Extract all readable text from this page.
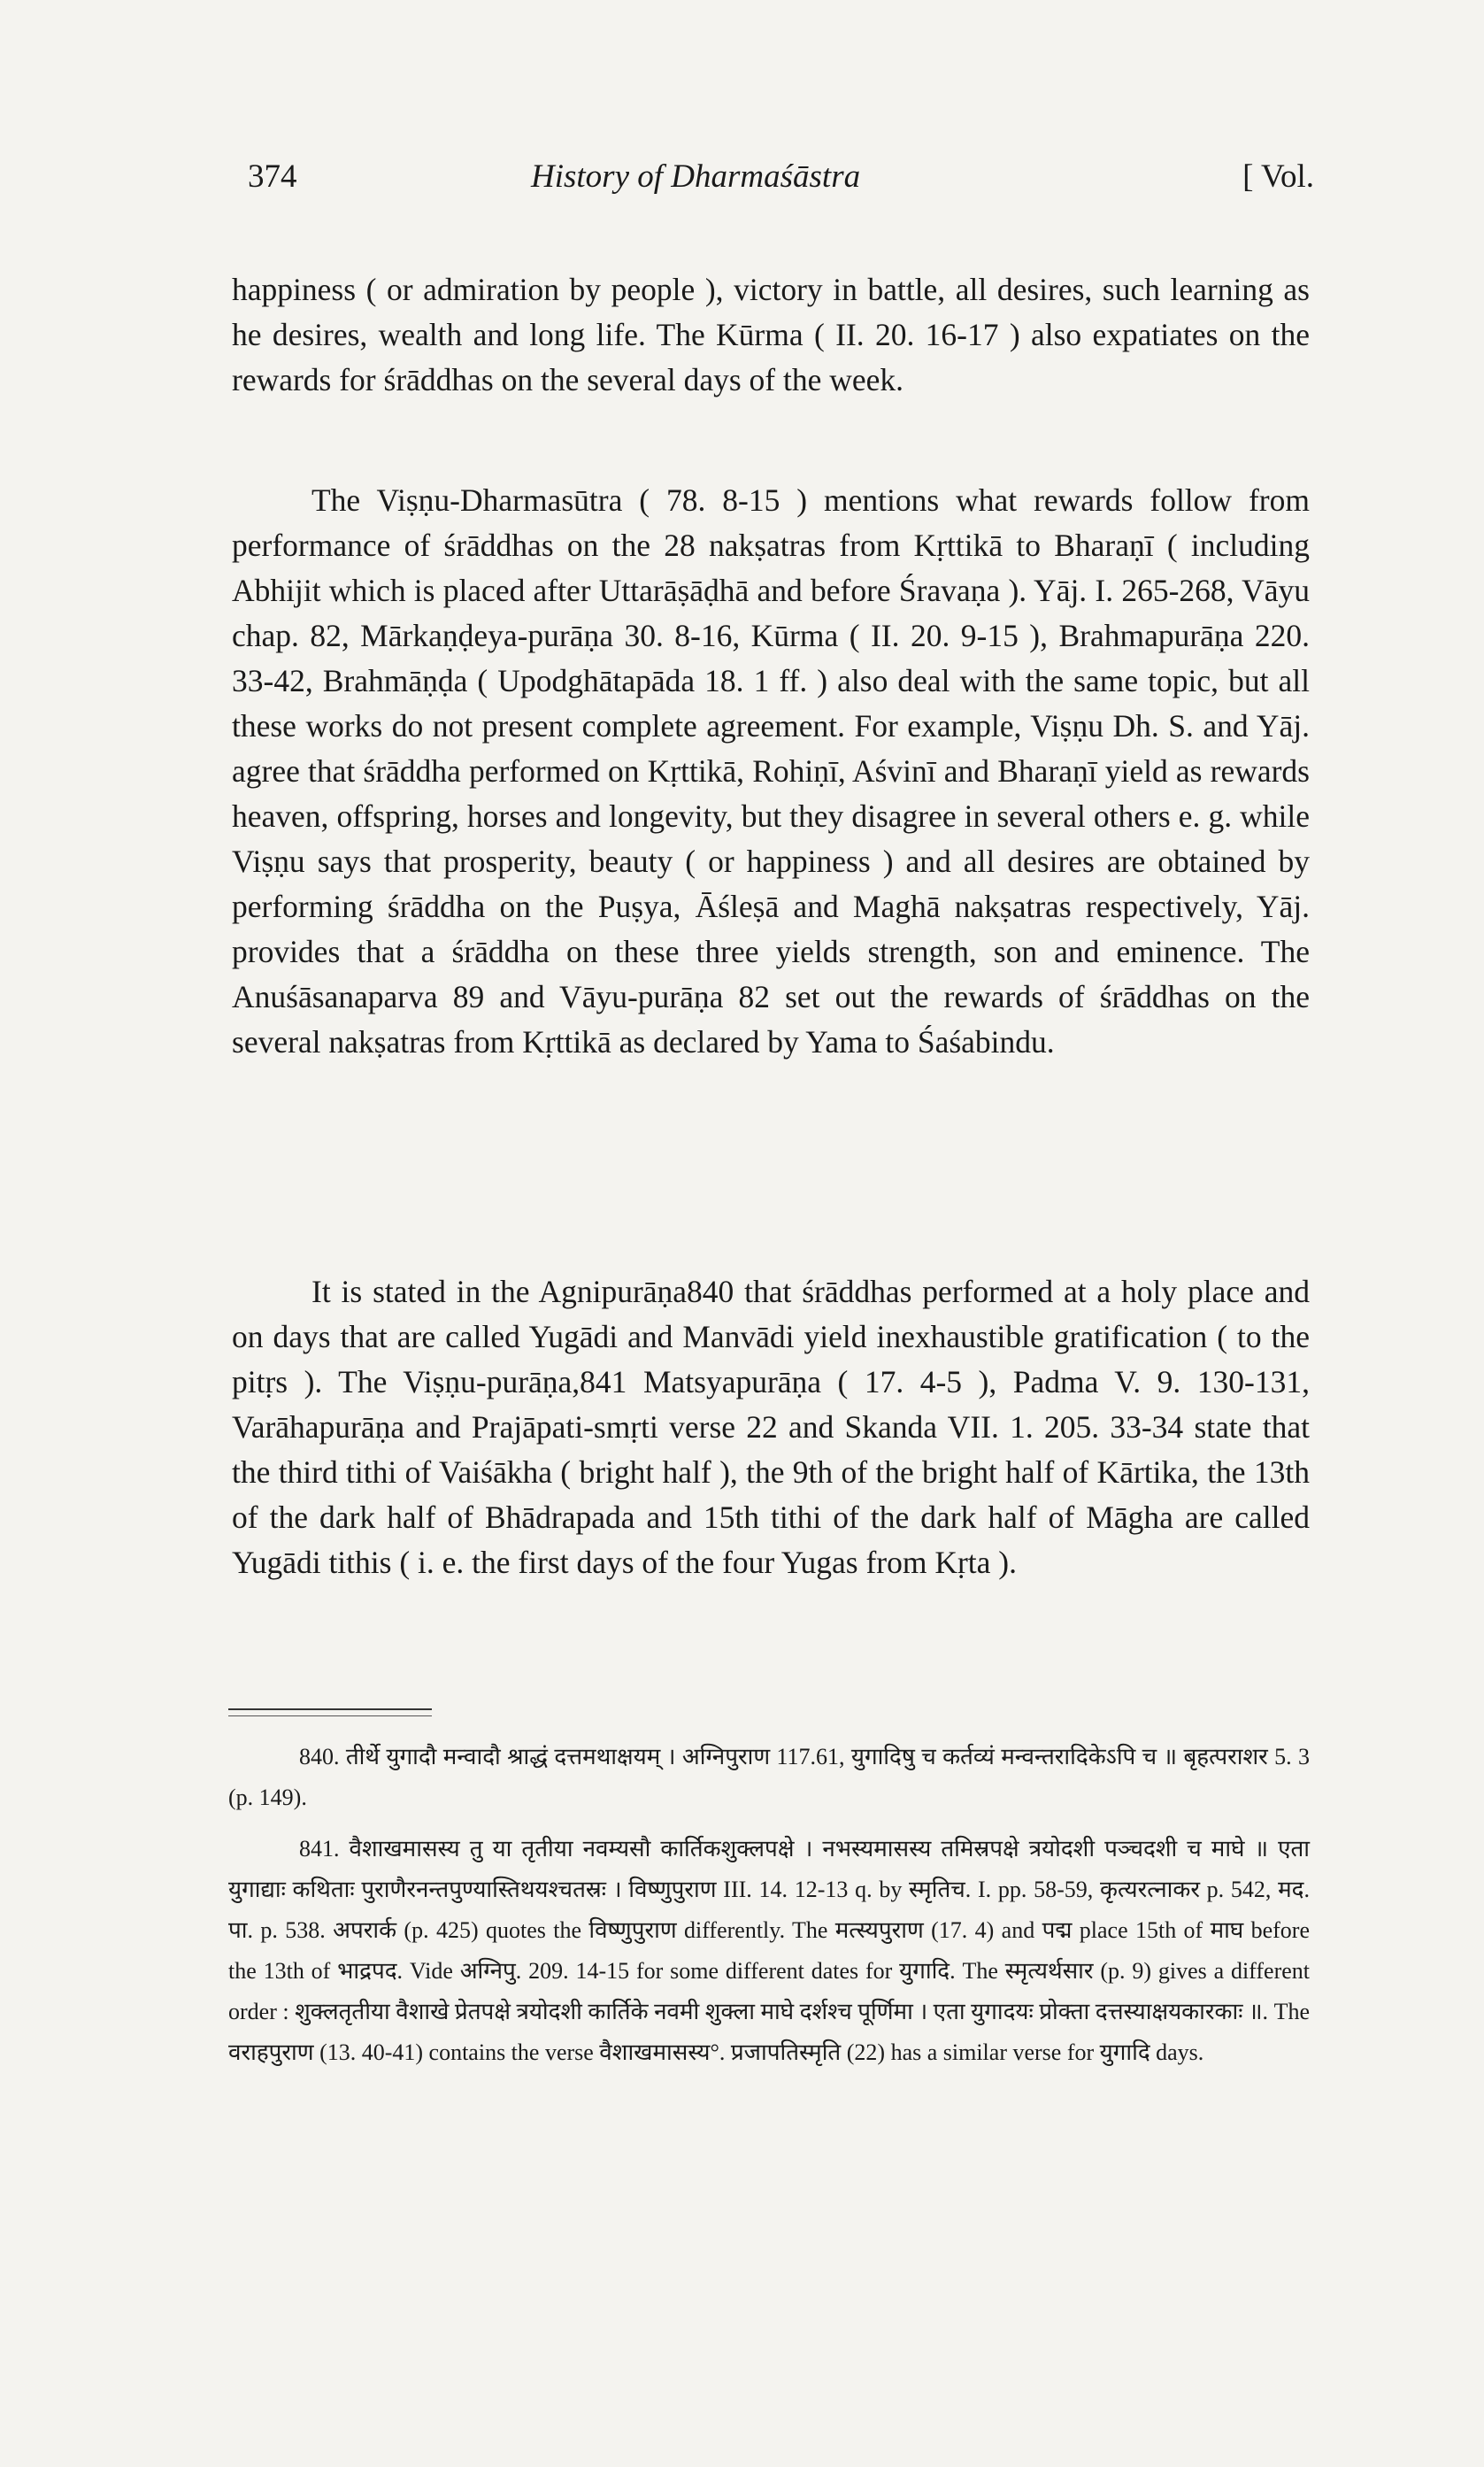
374	History of Dharmaśāstra	[ Vol.

happiness ( or admiration by people ), victory in battle, all desires, such learning as he desires, wealth and long life. The Kūrma ( II. 20. 16-17 ) also expatiates on the rewards for śrāddhas on the several days of the week.

The Viṣṇu-Dharmasūtra ( 78. 8-15 ) mentions what rewards follow from performance of śrāddhas on the 28 nakṣatras from Kṛttikā to Bharaṇī ( including Abhijit which is placed after Uttarāṣāḍhā and before Śravaṇa ). Yāj. I. 265-268, Vāyu chap. 82, Mārkaṇḍeya-purāṇa 30. 8-16, Kūrma ( II. 20. 9-15 ), Brahmapurāṇa 220. 33-42, Brahmāṇḍa ( Upodghātapāda 18. 1 ff. ) also deal with the same topic, but all these works do not present complete agreement. For example, Viṣṇu Dh. S. and Yāj. agree that śrāddha performed on Kṛttikā, Rohiṇī, Aśvinī and Bharaṇī yield as rewards heaven, offspring, horses and longevity, but they disagree in several others e. g. while Viṣṇu says that prosperity, beauty ( or happiness ) and all desires are obtained by performing śrāddha on the Puṣya, Āśleṣā and Maghā nakṣatras respectively, Yāj. provides that a śrāddha on these three yields strength, son and eminence. The Anuśāsanaparva 89 and Vāyu-purāṇa 82 set out the rewards of śrāddhas on the several nakṣatras from Kṛttikā as declared by Yama to Śaśabindu.

It is stated in the Agnipurāṇa840 that śrāddhas performed at a holy place and on days that are called Yugādi and Manvādi yield inexhaustible gratification ( to the pitṛs ). The Viṣṇu-purāṇa,841 Matsyapurāṇa ( 17. 4-5 ), Padma V. 9. 130-131, Varāhapurāṇa and Prajāpati-smṛti verse 22 and Skanda VII. 1. 205. 33-34 state that the third tithi of Vaiśākha ( bright half ), the 9th of the bright half of Kārtika, the 13th of the dark half of Bhādrapada and 15th tithi of the dark half of Māgha are called Yugādi tithis ( i. e. the first days of the four Yugas from Kṛta ).

840. तीर्थे युगादौ मन्वादौ श्राद्धं दत्तमथाक्षयम् । अग्निपुराण 117.61, युगादिषु च कर्तव्यं मन्वन्तरादिकेऽपि च ॥ बृहत्पराशर 5. 3 (p. 149).

841. वैशाखमासस्य तु या तृतीया नवम्यसौ कार्तिकशुक्लपक्षे । नभस्यमासस्य तमिस्रपक्षे त्रयोदशी पञ्चदशी च माघे ॥ एता युगाद्याः कथिताः पुराणैरनन्तपुण्यास्तिथयश्चतस्रः । विष्णुपुराण III. 14. 12-13 q. by स्मृतिच. I. pp. 58-59, कृत्यरत्नाकर p. 542, मद. पा. p. 538. अपरार्क (p. 425) quotes the विष्णुपुराण differently. The मत्स्यपुराण (17. 4) and पद्म place 15th of माघ before the 13th of भाद्रपद. Vide अग्निपु. 209. 14-15 for some different dates for युगादि. The स्मृत्यर्थसार (p. 9) gives a different order : शुक्लतृतीया वैशाखे प्रेतपक्षे त्रयोदशी कार्तिके नवमी शुक्ला माघे दर्शश्च पूर्णिमा । एता युगादयः प्रोक्ता दत्तस्याक्षयकारकाः ॥. The वराहपुराण (13. 40-41) contains the verse वैशाखमासस्य°. प्रजापतिस्मृति (22) has a similar verse for युगादि days.
